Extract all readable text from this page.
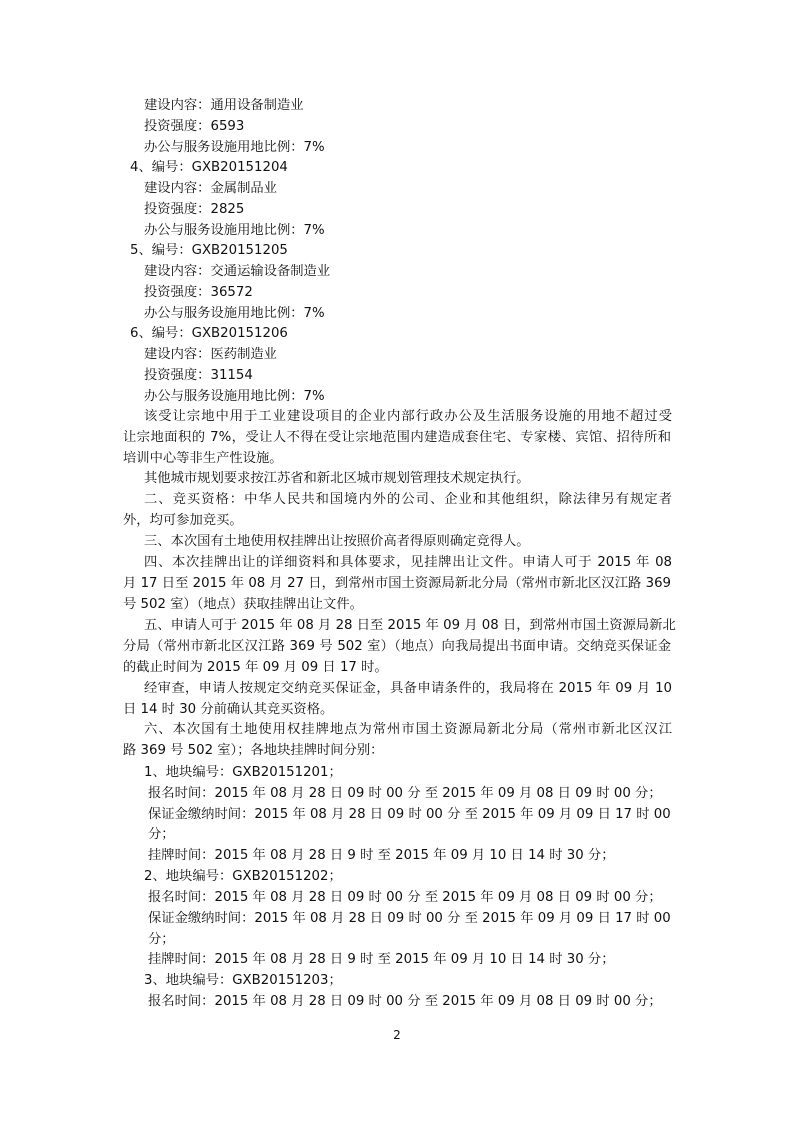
建设内容：通用设备制造业
投资强度：6593
办公与服务设施用地比例：7%
4、编号：GXB20151204
建设内容：金属制品业
投资强度：2825
办公与服务设施用地比例：7%
5、编号：GXB20151205
建设内容：交通运输设备制造业
投资强度：36572
办公与服务设施用地比例：7%
6、编号：GXB20151206
建设内容：医药制造业
投资强度：31154
办公与服务设施用地比例：7%
该受让宗地中用于工业建设项目的企业内部行政办公及生活服务设施的用地不超过受
让宗地面积的 7%，受让人不得在受让宗地范围内建造成套住宅、专家楼、宾馆、招待所和
培训中心等非生产性设施。
其他城市规划要求按江苏省和新北区城市规划管理技术规定执行。
二、竞买资格：中华人民共和国境内外的公司、企业和其他组织，除法律另有规定者
外，均可参加竞买。
三、本次国有土地使用权挂牌出让按照价高者得原则确定竞得人。
四、本次挂牌出让的详细资料和具体要求，见挂牌出让文件。申请人可于 2015 年 08
月 17 日至 2015 年 08 月 27 日，到常州市国土资源局新北分局（常州市新北区汉江路 369
号 502 室）（地点）获取挂牌出让文件。
五、申请人可于 2015 年 08 月 28 日至 2015 年 09 月 08 日，到常州市国土资源局新北
分局（常州市新北区汉江路 369 号 502 室）（地点）向我局提出书面申请。交纳竞买保证金
的截止时间为 2015 年 09 月 09 日 17 时。
经审查，申请人按规定交纳竞买保证金，具备申请条件的，我局将在 2015 年 09 月 10
日 14 时 30 分前确认其竞买资格。
六、本次国有土地使用权挂牌地点为常州市国土资源局新北分局（常州市新北区汉江
路 369 号 502 室）；各地块挂牌时间分别：
1、地块编号：GXB20151201；
报名时间：2015 年 08 月 28 日 09 时 00 分 至 2015 年 09 月 08 日 09 时 00 分；
保证金缴纳时间：2015 年 08 月 28 日 09 时 00 分 至 2015 年 09 月 09 日 17 时 00
分；
挂牌时间：2015 年 08 月 28 日 9 时 至 2015 年 09 月 10 日 14 时 30 分；
2、地块编号：GXB20151202；
报名时间：2015 年 08 月 28 日 09 时 00 分 至 2015 年 09 月 08 日 09 时 00 分；
保证金缴纳时间：2015 年 08 月 28 日 09 时 00 分 至 2015 年 09 月 09 日 17 时 00
分；
挂牌时间：2015 年 08 月 28 日 9 时 至 2015 年 09 月 10 日 14 时 30 分；
3、地块编号：GXB20151203；
报名时间：2015 年 08 月 28 日 09 时 00 分 至 2015 年 09 月 08 日 09 时 00 分；
2
